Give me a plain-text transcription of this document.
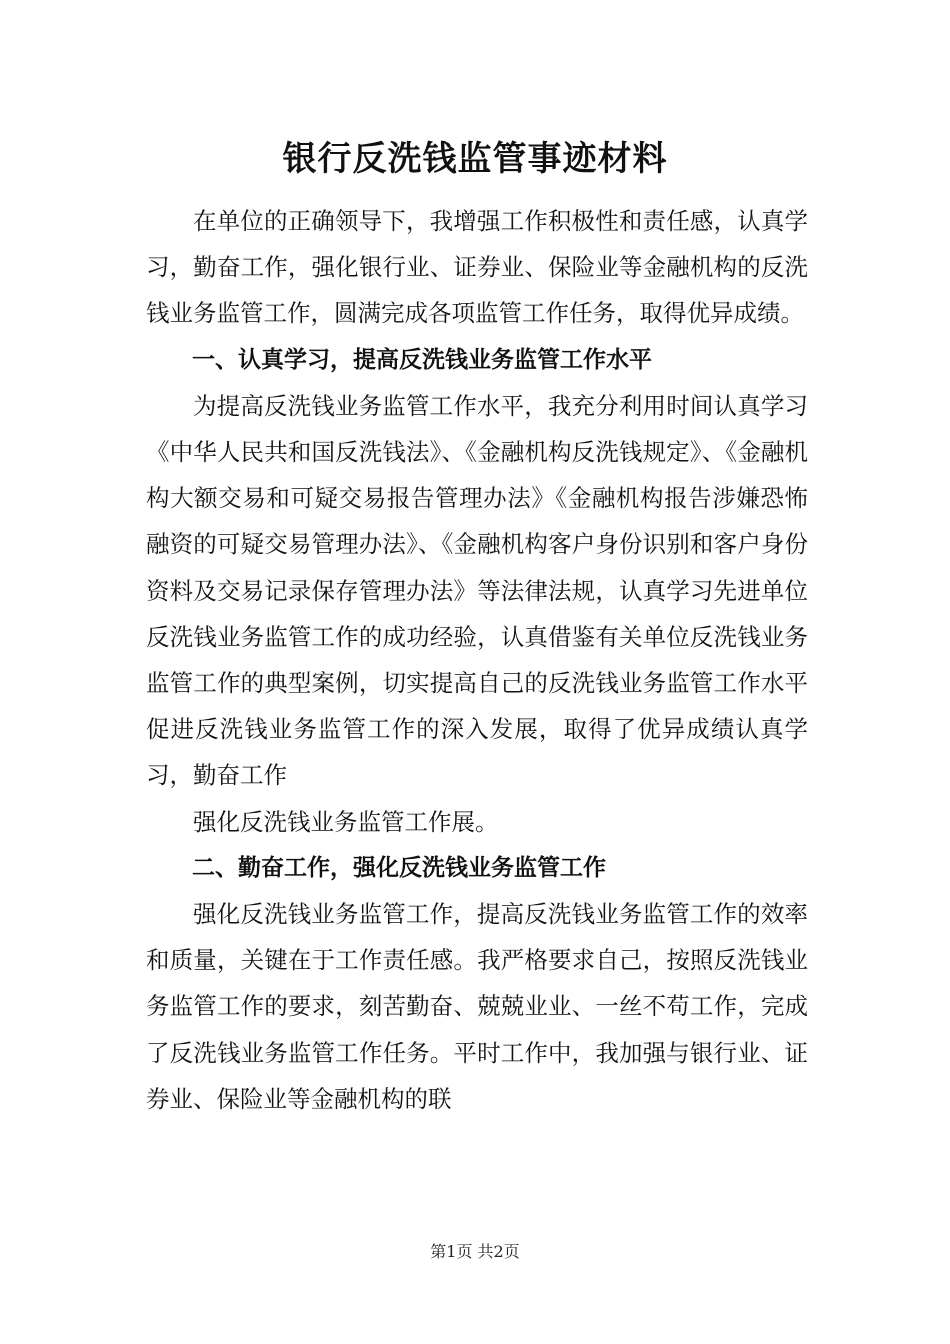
银行反洗钱监管事迹材料

在单位的正确领导下，我增强工作积极性和责任感，认真学习，勤奋工作，强化银行业、证券业、保险业等金融机构的反洗钱业务监管工作，圆满完成各项监管工作任务，取得优异成绩。

一、认真学习，提高反洗钱业务监管工作水平

为提高反洗钱业务监管工作水平，我充分利用时间认真学习《中华人民共和国反洗钱法》、《金融机构反洗钱规定》、《金融机构大额交易和可疑交易报告管理办法》《金融机构报告涉嫌恐怖融资的可疑交易管理办法》、《金融机构客户身份识别和客户身份资料及交易记录保存管理办法》等法律法规，认真学习先进单位反洗钱业务监管工作的成功经验，认真借鉴有关单位反洗钱业务监管工作的典型案例，切实提高自己的反洗钱业务监管工作水平促进反洗钱业务监管工作的深入发展，取得了优异成绩认真学习，勤奋工作

强化反洗钱业务监管工作展。

二、勤奋工作，强化反洗钱业务监管工作

强化反洗钱业务监管工作，提高反洗钱业务监管工作的效率和质量，关键在于工作责任感。我严格要求自己，按照反洗钱业务监管工作的要求，刻苦勤奋、兢兢业业、一丝不苟工作，完成了反洗钱业务监管工作任务。平时工作中，我加强与银行业、证券业、保险业等金融机构的联

第1页 共2页
